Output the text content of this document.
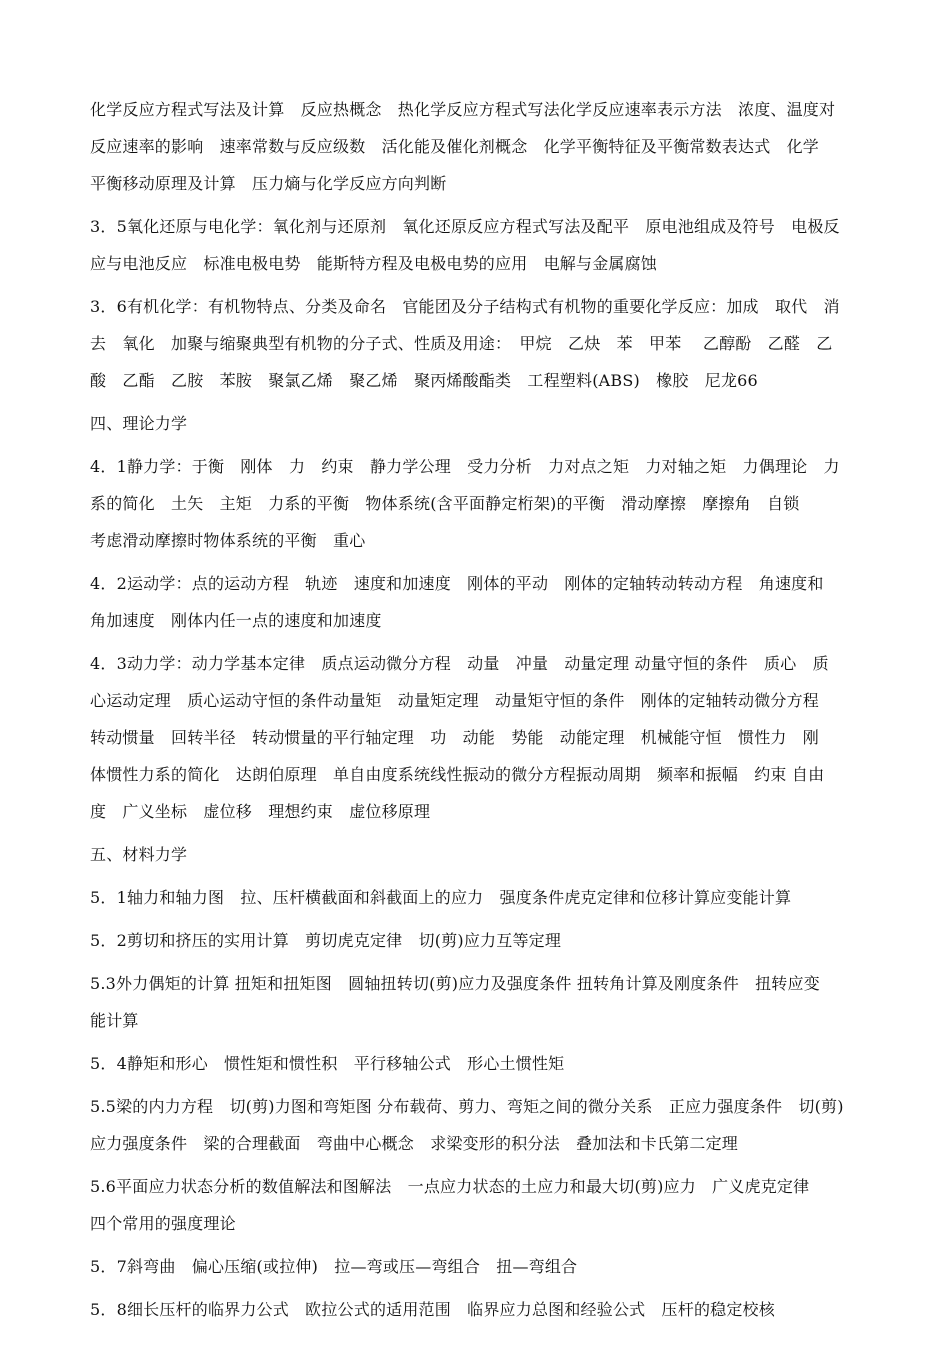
化学反应方程式写法及计算　反应热概念　热化学反应方程式写法化学反应速率表示方法　浓度、温度对
反应速率的影响　速率常数与反应级数　活化能及催化剂概念　化学平衡特征及平衡常数表达式　化学
平衡移动原理及计算　压力熵与化学反应方向判断
3．5氧化还原与电化学：氧化剂与还原剂　氧化还原反应方程式写法及配平　原电池组成及符号　电极反
应与电池反应　标准电极电势　能斯特方程及电极电势的应用　电解与金属腐蚀
3．6有机化学：有机物特点、分类及命名　官能团及分子结构式有机物的重要化学反应：加成　取代　消
去　氧化　加聚与缩聚典型有机物的分子式、性质及用途：　甲烷　乙炔　苯　甲苯　 乙醇酚　乙醛　乙
酸　乙酯　乙胺　苯胺　聚氯乙烯　聚乙烯　聚丙烯酸酯类　工程塑料(ABS)　橡胶　尼龙66
四、理论力学
4．1静力学：于衡　刚体　力　约束　静力学公理　受力分析　力对点之矩　力对轴之矩　力偶理论　力
系的简化　土矢　主矩　力系的平衡　物体系统(含平面静定桁架)的平衡　滑动摩擦　摩擦角　自锁
考虑滑动摩擦时物体系统的平衡　重心
4．2运动学：点的运动方程　轨迹　速度和加速度　刚体的平动　刚体的定轴转动转动方程　角速度和
角加速度　刚体内任一点的速度和加速度
4．3动力学：动力学基本定律　质点运动微分方程　动量　冲量　动量定理 动量守恒的条件　质心　质
心运动定理　质心运动守恒的条件动量矩　动量矩定理　动量矩守恒的条件　刚体的定轴转动微分方程
转动惯量　回转半径　转动惯量的平行轴定理　功　动能　势能　动能定理　机械能守恒　惯性力　刚
体惯性力系的简化　达朗伯原理　单自由度系统线性振动的微分方程振动周期　频率和振幅　约束 自由
度　广义坐标　虚位移　理想约束　虚位移原理
五、材料力学
5．1轴力和轴力图　拉、压杆横截面和斜截面上的应力　强度条件虎克定律和位移计算应变能计算
5．2剪切和挤压的实用计算　剪切虎克定律　切(剪)应力互等定理
5.3外力偶矩的计算 扭矩和扭矩图　圆轴扭转切(剪)应力及强度条件 扭转角计算及刚度条件　扭转应变
能计算
5．4静矩和形心　惯性矩和惯性积　平行移轴公式　形心土惯性矩
5.5梁的内力方程　切(剪)力图和弯矩图 分布载荷、剪力、弯矩之间的微分关系　正应力强度条件　切(剪)
应力强度条件　梁的合理截面　弯曲中心概念　求梁变形的积分法　叠加法和卡氏第二定理
5.6平面应力状态分析的数值解法和图解法　一点应力状态的土应力和最大切(剪)应力　广义虎克定律
四个常用的强度理论
5．7斜弯曲　偏心压缩(或拉伸)　拉—弯或压—弯组合　扭—弯组合
5．8细长压杆的临界力公式　欧拉公式的适用范围　临界应力总图和经验公式　压杆的稳定校核
